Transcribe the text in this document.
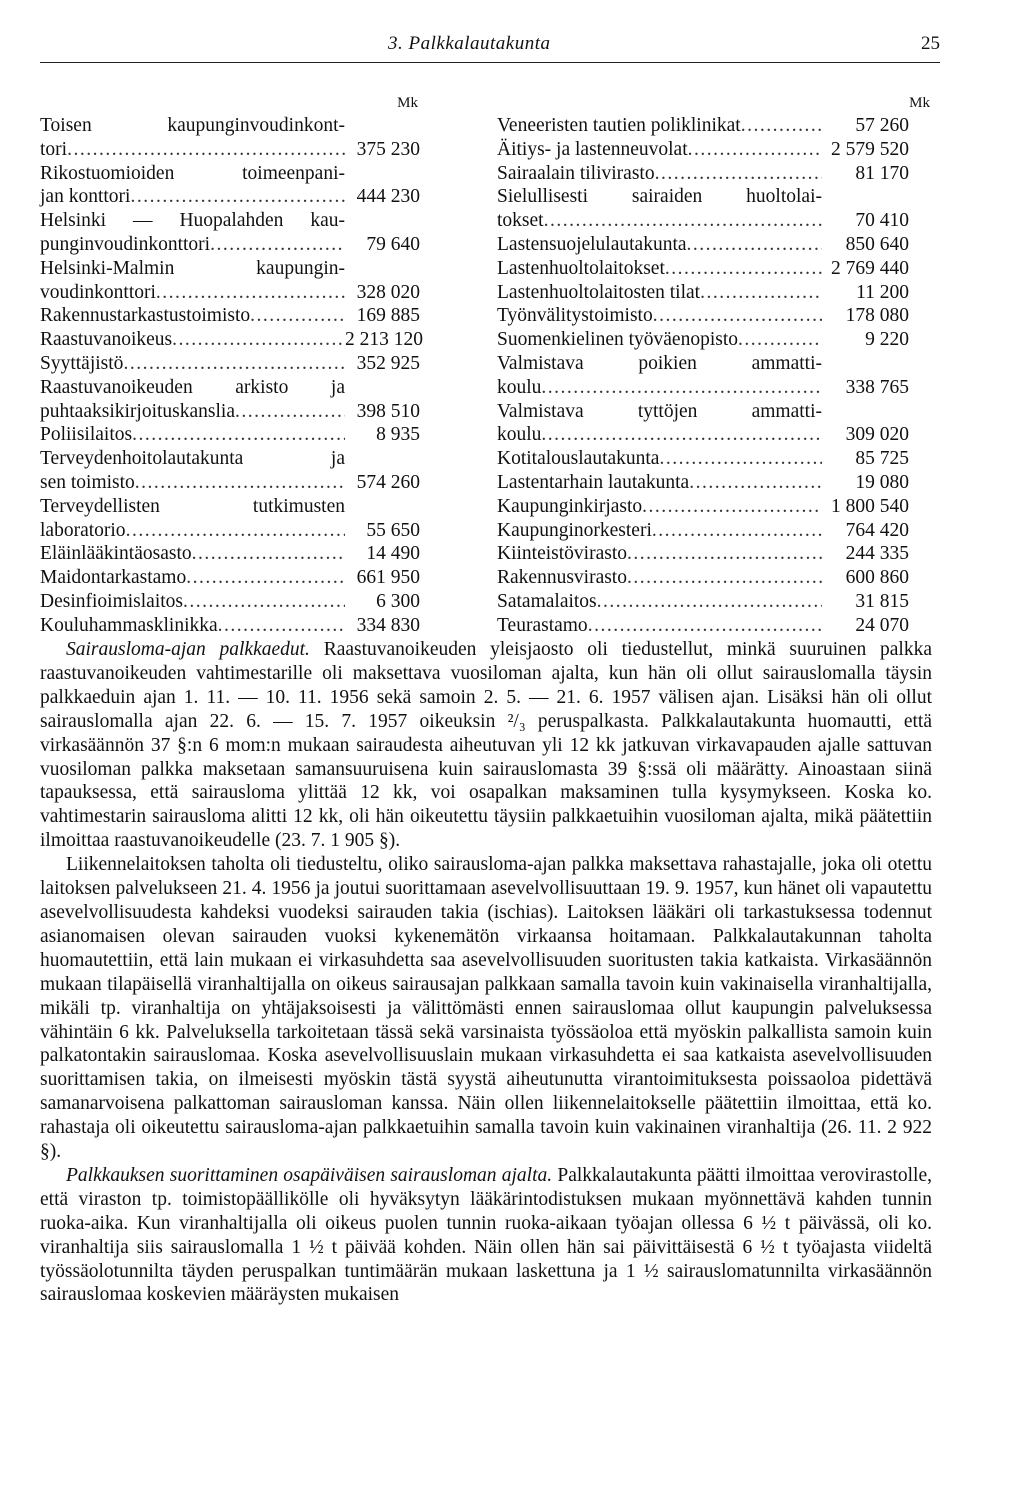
3. Palkkalautakunta	25
Mk
Toisen kaupunginvoudinkont-
tori .....	375 230
Rikostuomioiden toimeenpani-
jan konttori .....	444 230
Helsinki — Huopalahden kau-
punginvoudinkonttori .....	79 640
Helsinki-Malmin kaupungin-
voudinkonttori .....	328 020
Rakennustarkastustoimisto .....	169 885
Raastuvanoikeus .....	2 213 120
Syyttäjistö .....	352 925
Raastuvanoikeuden arkisto ja
puhtaaksikirjoituskanslia .....	398 510
Poliisilaitos .....	8 935
Terveydenhoitolautakunta ja
sen toimisto .....	574 260
Terveydellisten tutkimusten
laboratorio .....	55 650
Eläinlääkintäosasto .....	14 490
Maidontarkastamo .....	661 950
Desinfioimislaitos .....	6 300
Kouluhammasklinikka .....	334 830
Mk
Veneeristen tautien poliklinikat .....	57 260
Äitiys- ja lastenneuvolat .....	2 579 520
Sairaalain tilivirasto .....	81 170
Sielullisesti sairaiden huoltolai-
tokset .....	70 410
Lastensuojelulautakunta .....	850 640
Lastenhuoltolaitokset .....	2 769 440
Lastenhuoltolaitosten tilat .....	11 200
Työnvälitystoimisto .....	178 080
Suomenkielinen työväenopisto .....	9 220
Valmistava poikien ammatti-
koulu .....	338 765
Valmistava tyttöjen ammatti-
koulu .....	309 020
Kotitalouslautakunta .....	85 725
Lastentarhain lautakunta .....	19 080
Kaupunginkirjasto .....	1 800 540
Kaupunginorkesteri .....	764 420
Kiinteistövirasto .....	244 335
Rakennusvirasto .....	600 860
Satamalaitos .....	31 815
Teurastamo .....	24 070

Sairausloma-ajan palkkaedut. Raastuvanoikeuden yleisjaosto oli tiedustellut, minkä suuruinen palkka raastuvanoikeuden vahtimestarille oli maksettava vuosiloman ajalta, kun hän oli ollut sairauslomalla täysin palkkaeduin ajan 1. 11. — 10. 11. 1956 sekä samoin 2. 5. — 21. 6. 1957 välisen ajan. Lisäksi hän oli ollut sairauslomalla ajan 22. 6. — 15. 7. 1957 oikeuksin ²/₃ peruspalkasta. Palkkalautakunta huomautti, että virkasäännön 37 §:n 6 mom:n mukaan sairaudesta aiheutuvan yli 12 kk jatkuvan virkavapauden ajalle sattuvan vuosiloman palkka maksetaan samansuuruisena kuin sairauslomasta 39 §:ssä oli määrätty. Ainoastaan siinä tapauksessa, että sairausloma ylittää 12 kk, voi osapalkan maksaminen tulla kysymykseen. Koska ko. vahtimestarin sairausloma alitti 12 kk, oli hän oikeutettu täysiin palkkaetuihin vuosiloman ajalta, mikä päätettiin ilmoittaa raastuvanoikeudelle (23. 7. 1 905 §).

Liikennelaitoksen taholta oli tiedusteltu, oliko sairausloma-ajan palkka maksettava rahastajalle, joka oli otettu laitoksen palvelukseen 21. 4. 1956 ja joutui suorittamaan asevelvollisuuttaan 19. 9. 1957, kun hänet oli vapautettu asevelvollisuudesta kahdeksi vuodeksi sairauden takia (ischias). Laitoksen lääkäri oli tarkastuksessa todennut asianomaisen olevan sairauden vuoksi kykenemätön virkaansa hoitamaan. Palkkalautakunnan taholta huomautettiin, että lain mukaan ei virkasuhdetta saa asevelvollisuuden suoritusten takia katkaista. Virkasäännön mukaan tilapäisellä viranhaltijalla on oikeus sairausajan palkkaan samalla tavoin kuin vakinaisella viranhaltijalla, mikäli tp. viranhaltija on yhtäjaksoisesti ja välittömästi ennen sairauslomaa ollut kaupungin palveluksessa vähintäin 6 kk. Palveluksella tarkoitetaan tässä sekä varsinaista työssäoloa että myöskin palkallista samoin kuin palkatontakin sairauslomaa. Koska asevelvollisuuslain mukaan virkasuhdetta ei saa katkaista asevelvollisuuden suorittamisen takia, on ilmeisesti myöskin tästä syystä aiheutunutta virantoimituksesta poissaoloa pidettävä samanarvoisena palkattoman sairausloman kanssa. Näin ollen liikennelaitokselle päätettiin ilmoittaa, että ko. rahastaja oli oikeutettu sairausloma-ajan palkkaetuihin samalla tavoin kuin vakinainen viranhaltija (26. 11. 2 922 §).

Palkkauksen suorittaminen osapäiväisen sairausloman ajalta. Palkkalautakunta päätti ilmoittaa verovirastolle, että viraston tp. toimistopäällikölle oli hyväksytyn lääkärintodistuksen mukaan myönnettävä kahden tunnin ruoka-aika. Kun viranhaltijalla oli oikeus puolen tunnin ruoka-aikaan työajan ollessa 6 ½ t päivässä, oli ko. viranhaltija siis sairauslomalla 1 ½ t päivää kohden. Näin ollen hän sai päivittäisestä 6 ½ t työajasta viideltä työssäolotunnilta täyden peruspalkan tuntimäärän mukaan laskettuna ja 1 ½ sairauslomatunnilta virkasäännön sairauslomaa koskevien määräysten mukaisen
